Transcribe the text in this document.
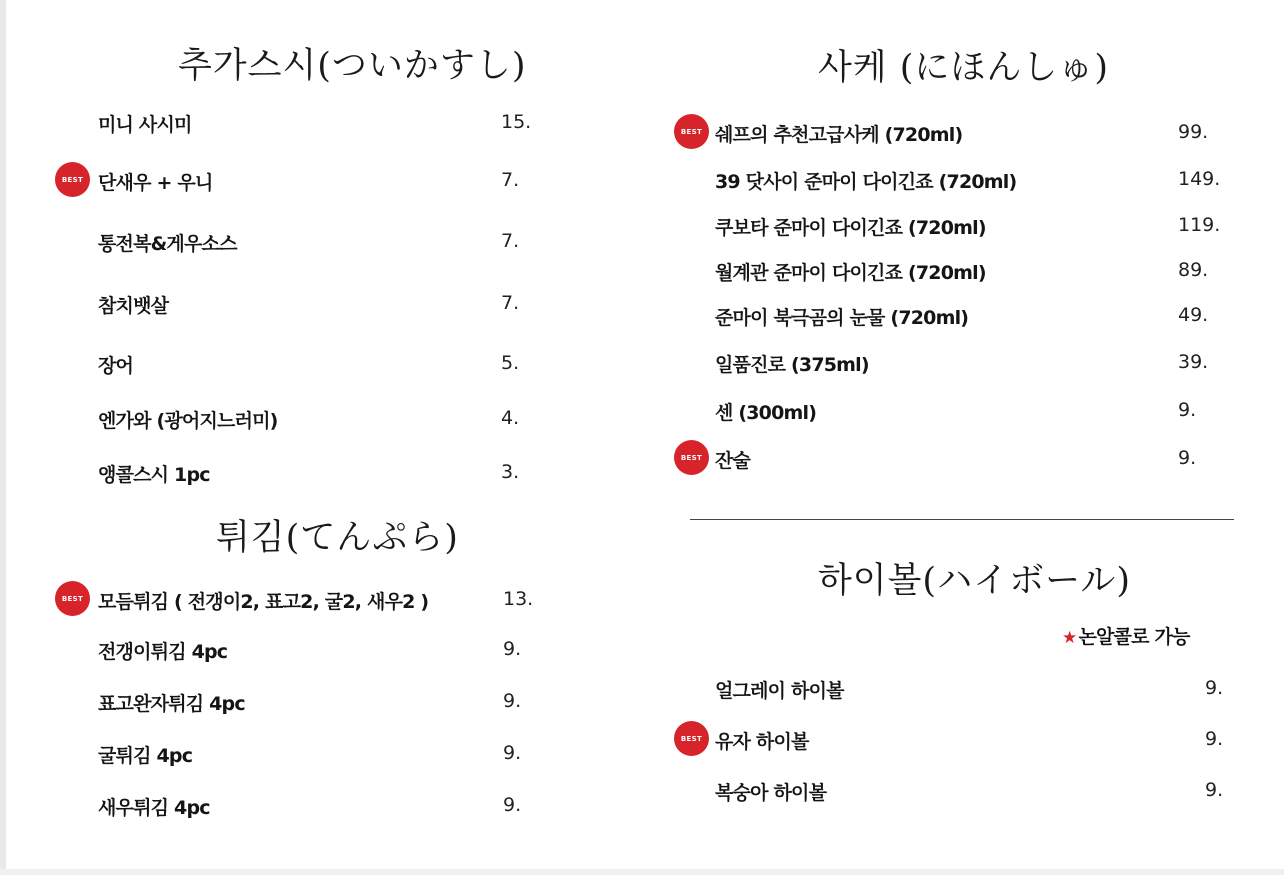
추가스시(ついかすし)
미니 사시미	15.
BEST 단새우 + 우니	7.
통전복&게우소스	7.
참치뱃살	7.
장어	5.
엔가와 (광어지느러미)	4.
앵콜스시 1pc	3.
튀김(てんぷら)
BEST 모듬튀김 ( 전갱이2, 표고2, 굴2, 새우2 )	13.
전갱이튀김 4pc	9.
표고완자튀김 4pc	9.
굴튀김 4pc	9.
새우튀김 4pc	9.
사케 (にほんしゅ)
BEST 쉐프의 추천고급사케 (720ml)	99.
39 닷사이 준마이 다이긴죠 (720ml)	149.
쿠보타 준마이 다이긴죠 (720ml)	119.
월계관 준마이 다이긴죠 (720ml)	89.
준마이 북극곰의 눈물 (720ml)	49.
일품진로 (375ml)	39.
센 (300ml)	9.
BEST 잔술	9.
하이볼(ハイボール)
★ 논알콜로 가능
얼그레이 하이볼	9.
BEST 유자 하이볼	9.
복숭아 하이볼	9.
